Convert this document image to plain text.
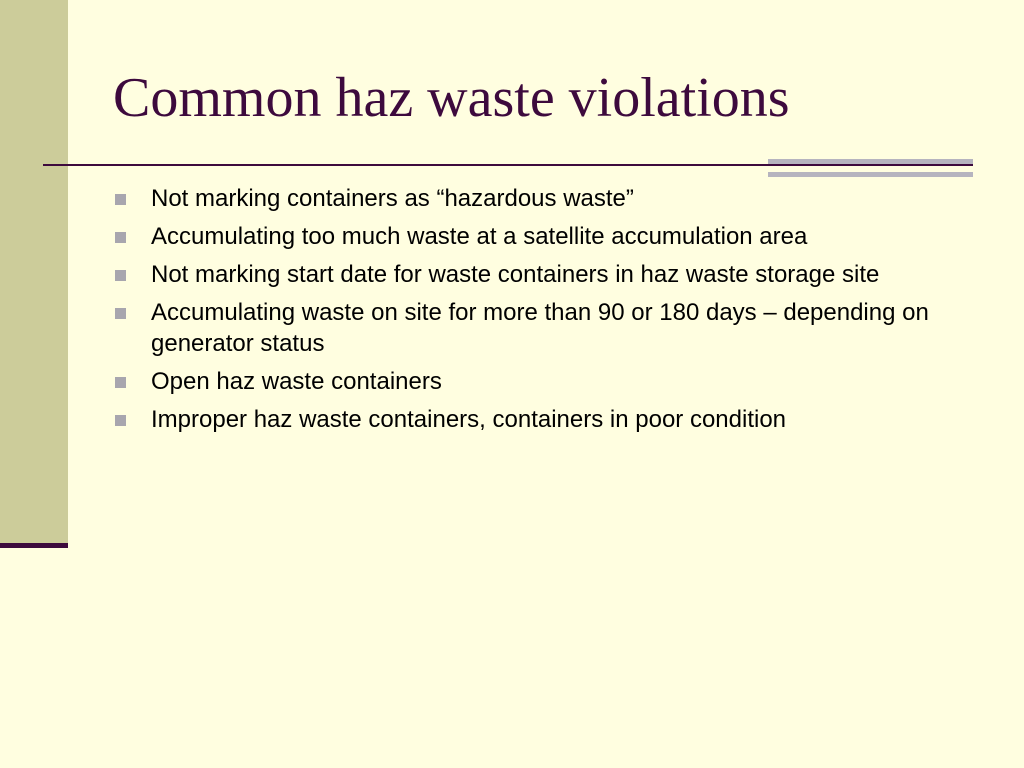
Common haz waste violations
Not marking containers as “hazardous waste”
Accumulating too much waste at a satellite accumulation area
Not marking start date for waste containers in haz waste storage site
Accumulating waste on site for more than 90 or 180 days – depending on generator status
Open haz waste containers
Improper haz waste containers, containers in poor condition
